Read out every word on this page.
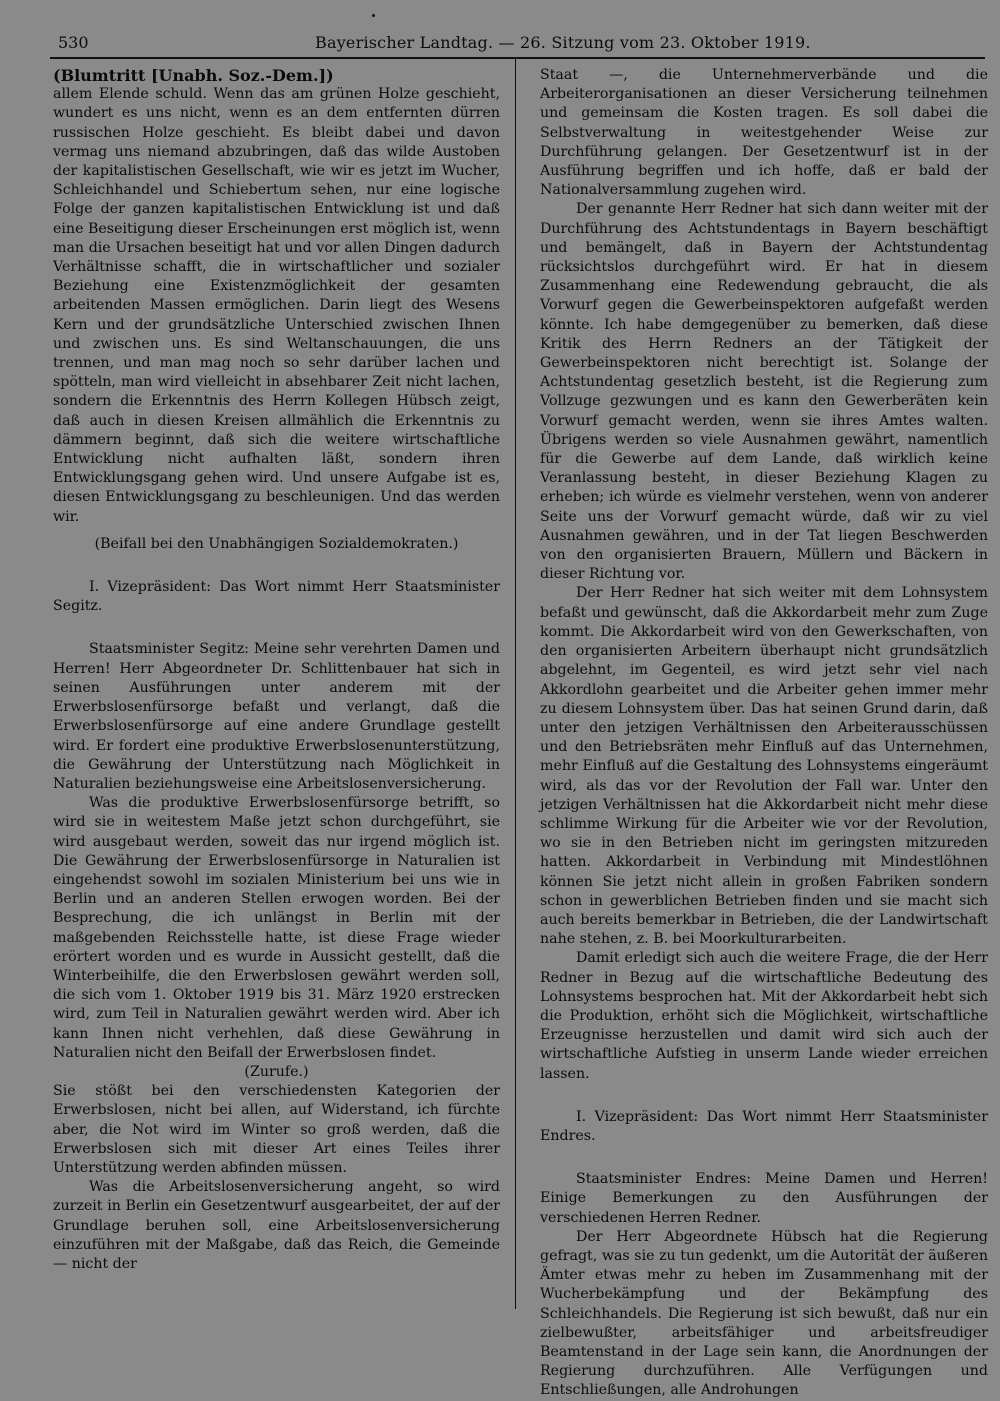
530	Bayerischer Landtag. — 26. Sitzung vom 23. Oktober 1919.

(Blumtritt [Unabh. Soz.-Dem.])

allem Elende schuld. Wenn das am grünen Holze geschieht, wundert es uns nicht, wenn es an dem entfernten dürren russischen Holze geschieht. Es bleibt dabei und davon vermag uns niemand abzubringen, daß das wilde Austoben der kapitalistischen Gesellschaft, wie wir es jetzt im Wucher, Schleichhandel und Schiebertum sehen, nur eine logische Folge der ganzen kapitalistischen Entwicklung ist und daß eine Beseitigung dieser Erscheinungen erst möglich ist, wenn man die Ursachen beseitigt hat und vor allen Dingen dadurch Verhältnisse schafft, die in wirtschaftlicher und sozialer Beziehung eine Existenzmöglichkeit der gesamten arbeitenden Massen ermöglichen. Darin liegt des Wesens Kern und der grundsätzliche Unterschied zwischen Ihnen und zwischen uns. Es sind Weltanschauungen, die uns trennen, und man mag noch so sehr darüber lachen und spötteln, man wird vielleicht in absehbarer Zeit nicht lachen, sondern die Erkenntnis des Herrn Kollegen Hübsch zeigt, daß auch in diesen Kreisen allmählich die Erkenntnis zu dämmern beginnt, daß sich die weitere wirtschaftliche Entwicklung nicht aufhalten läßt, sondern ihren Entwicklungsgang gehen wird. Und unsere Aufgabe ist es, diesen Entwicklungsgang zu beschleunigen. Und das werden wir.

(Beifall bei den Unabhängigen Sozialdemokraten.)

I. Vizepräsident: Das Wort nimmt Herr Staatsminister Segitz.

Staatsminister Segitz: Meine sehr verehrten Damen und Herren! Herr Abgeordneter Dr. Schlittenbauer hat sich in seinen Ausführungen unter anderem mit der Erwerbslosenfürsorge befaßt und verlangt, daß die Erwerbslosenfürsorge auf eine andere Grundlage gestellt wird. Er fordert eine produktive Erwerbslosenunterstützung, die Gewährung der Unterstützung nach Möglichkeit in Naturalien beziehungsweise eine Arbeitslosenversicherung.

Was die produktive Erwerbslosenfürsorge betrifft, so wird sie in weitestem Maße jetzt schon durchgeführt, sie wird ausgebaut werden, soweit das nur irgend möglich ist. Die Gewährung der Erwerbslosenfürsorge in Naturalien ist eingehendst sowohl im sozialen Ministerium bei uns wie in Berlin und an anderen Stellen erwogen worden. Bei der Besprechung, die ich unlängst in Berlin mit der maßgebenden Reichsstelle hatte, ist diese Frage wieder erörtert worden und es wurde in Aussicht gestellt, daß die Winterbeihilfe, die den Erwerbslosen gewährt werden soll, die sich vom 1. Oktober 1919 bis 31. März 1920 erstrecken wird, zum Teil in Naturalien gewährt werden wird. Aber ich kann Ihnen nicht verhehlen, daß diese Gewährung in Naturalien nicht den Beifall der Erwerbslosen findet.

(Zurufe.)

Sie stößt bei den verschiedensten Kategorien der Erwerbslosen, nicht bei allen, auf Widerstand, ich fürchte aber, die Not wird im Winter so groß werden, daß die Erwerbslosen sich mit dieser Art eines Teiles ihrer Unterstützung werden abfinden müssen.

Was die Arbeitslosenversicherung angeht, so wird zurzeit in Berlin ein Gesetzentwurf ausgearbeitet, der auf der Grundlage beruhen soll, eine Arbeitslosenversicherung einzuführen mit der Maßgabe, daß das Reich, die Gemeinde — nicht der

Staat —, die Unternehmerverbände und die Arbeiterorganisationen an dieser Versicherung teilnehmen und gemeinsam die Kosten tragen. Es soll dabei die Selbstverwaltung in weitestgehender Weise zur Durchführung gelangen. Der Gesetzentwurf ist in der Ausführung begriffen und ich hoffe, daß er bald der Nationalversammlung zugehen wird.

Der genannte Herr Redner hat sich dann weiter mit der Durchführung des Achtstundentags in Bayern beschäftigt und bemängelt, daß in Bayern der Achtstundentag rücksichtslos durchgeführt wird. Er hat in diesem Zusammenhang eine Redewendung gebraucht, die als Vorwurf gegen die Gewerbeinspektoren aufgefaßt werden könnte. Ich habe demgegenüber zu bemerken, daß diese Kritik des Herrn Redners an der Tätigkeit der Gewerbeinspektoren nicht berechtigt ist. Solange der Achtstundentag gesetzlich besteht, ist die Regierung zum Vollzuge gezwungen und es kann den Gewerberäten kein Vorwurf gemacht werden, wenn sie ihres Amtes walten. Übrigens werden so viele Ausnahmen gewährt, namentlich für die Gewerbe auf dem Lande, daß wirklich keine Veranlassung besteht, in dieser Beziehung Klagen zu erheben; ich würde es vielmehr verstehen, wenn von anderer Seite uns der Vorwurf gemacht würde, daß wir zu viel Ausnahmen gewähren, und in der Tat liegen Beschwerden von den organisierten Brauern, Müllern und Bäckern in dieser Richtung vor.

Der Herr Redner hat sich weiter mit dem Lohnsystem befaßt und gewünscht, daß die Akkordarbeit mehr zum Zuge kommt. Die Akkordarbeit wird von den Gewerkschaften, von den organisierten Arbeitern überhaupt nicht grundsätzlich abgelehnt, im Gegenteil, es wird jetzt sehr viel nach Akkordlohn gearbeitet und die Arbeiter gehen immer mehr zu diesem Lohnsystem über. Das hat seinen Grund darin, daß unter den jetzigen Verhältnissen den Arbeiterausschüssen und den Betriebsräten mehr Einfluß auf das Unternehmen, mehr Einfluß auf die Gestaltung des Lohnsystems eingeräumt wird, als das vor der Revolution der Fall war. Unter den jetzigen Verhältnissen hat die Akkordarbeit nicht mehr diese schlimme Wirkung für die Arbeiter wie vor der Revolution, wo sie in den Betrieben nicht im geringsten mitzureden hatten. Akkordarbeit in Verbindung mit Mindestlöhnen können Sie jetzt nicht allein in großen Fabriken sondern schon in gewerblichen Betrieben finden und sie macht sich auch bereits bemerkbar in Betrieben, die der Landwirtschaft nahe stehen, z. B. bei Moorkulturarbeiten.

Damit erledigt sich auch die weitere Frage, die der Herr Redner in Bezug auf die wirtschaftliche Bedeutung des Lohnsystems besprochen hat. Mit der Akkordarbeit hebt sich die Produktion, erhöht sich die Möglichkeit, wirtschaftliche Erzeugnisse herzustellen und damit wird sich auch der wirtschaftliche Aufstieg in unserm Lande wieder erreichen lassen.

I. Vizepräsident: Das Wort nimmt Herr Staatsminister Endres.

Staatsminister Endres: Meine Damen und Herren! Einige Bemerkungen zu den Ausführungen der verschiedenen Herren Redner.

Der Herr Abgeordnete Hübsch hat die Regierung gefragt, was sie zu tun gedenkt, um die Autorität der äußeren Ämter etwas mehr zu heben im Zusammenhang mit der Wucherbekämpfung und der Bekämpfung des Schleichhandels. Die Regierung ist sich bewußt, daß nur ein zielbewußter, arbeitsfähiger und arbeitsfreudiger Beamtenstand in der Lage sein kann, die Anordnungen der Regierung durchzuführen. Alle Verfügungen und Entschließungen, alle Androhungen
